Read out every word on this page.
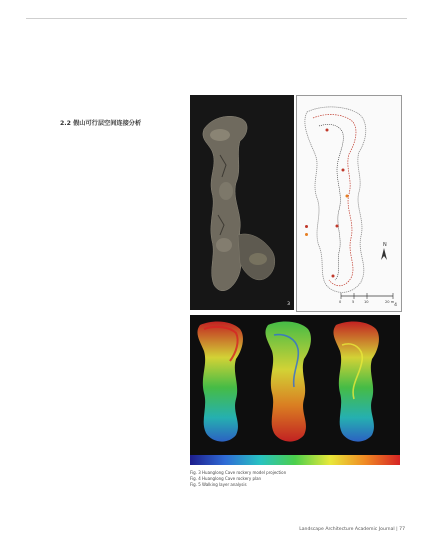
2.2 假山可行层空间连接分析

3
N
0	5	10	20 m
4
Fig. 3 Huanglong Cave rockery model projection
Fig. 4 Huanglong Cave rockery plan
Fig. 5 Walking layer analysis
Landscape Architecture Academic Journal | 77
